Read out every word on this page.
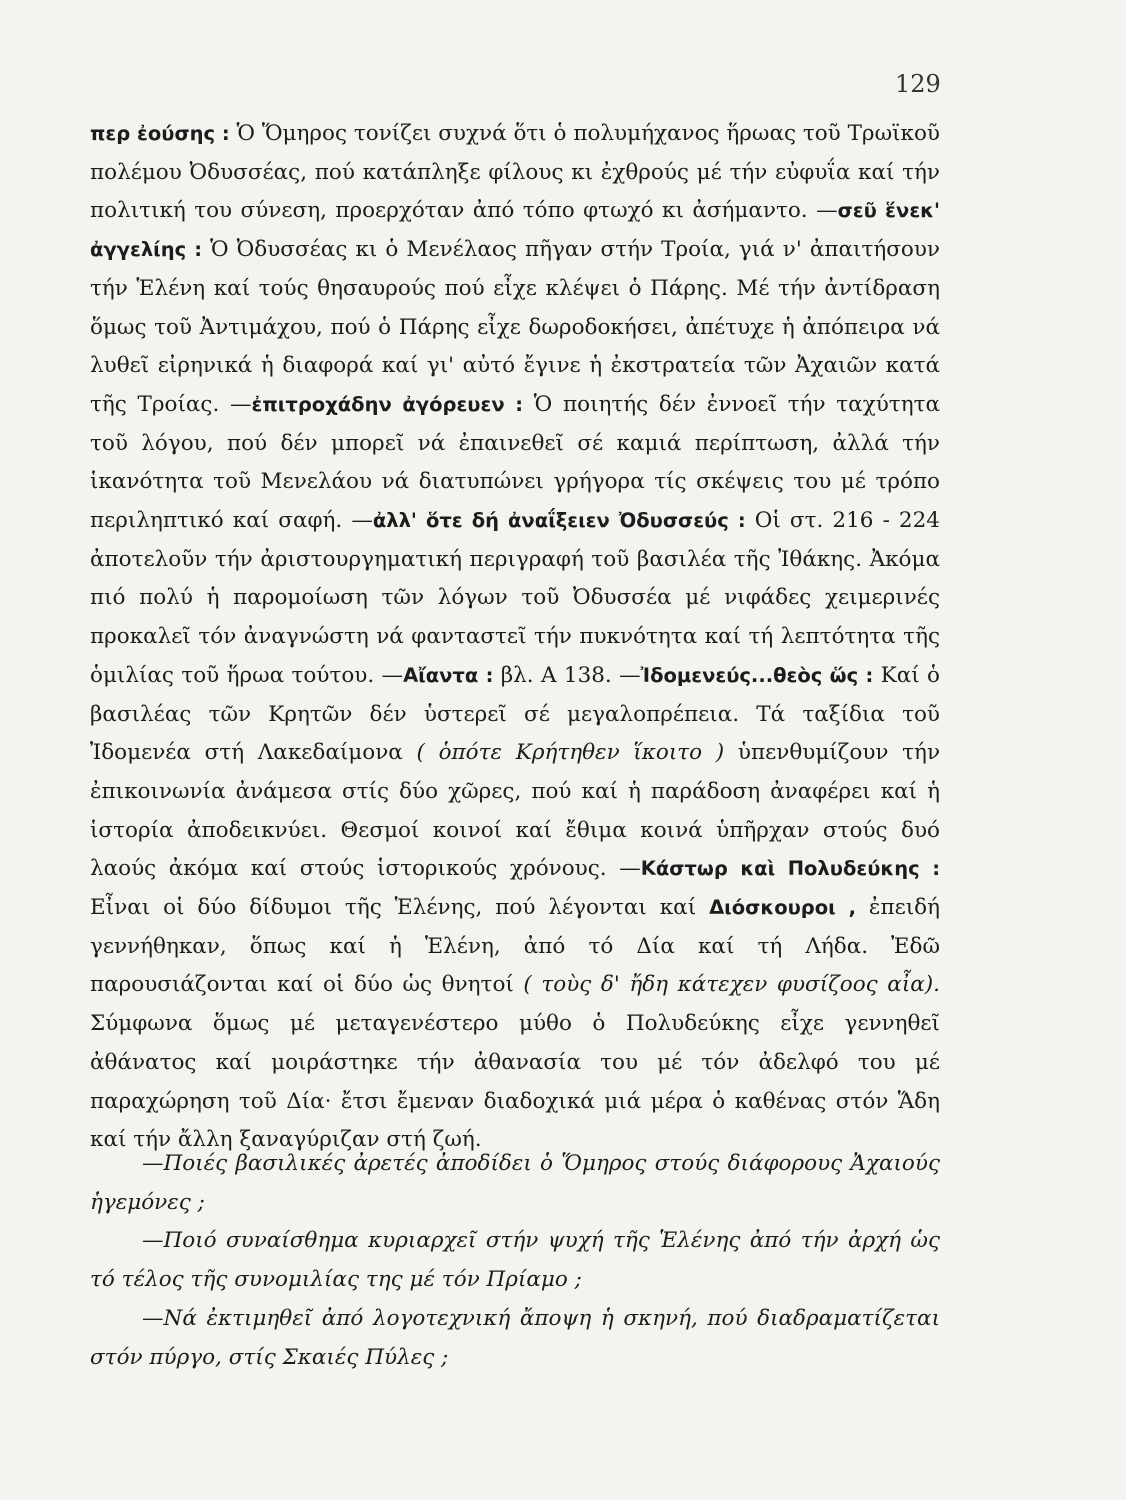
129

περ ἐούσης : Ὁ Ὅμηρος τονίζει συχνά ὅτι ὁ πολυμήχανος ἥρωας τοῦ Τρωϊκοῦ πολέμου Ὀδυσσέας, πού κατάπληξε φίλους κι ἐχθρούς μέ τήν εὐφυΐα καί τήν πολιτική του σύνεση, προερχόταν ἀπό τόπο φτωχό κι ἀσήμαντο. —σεῦ ἕνεκ' ἀγγελίης : Ὁ Ὀδυσσέας κι ὁ Μενέλαος πῆγαν στήν Τροία, γιά ν' ἀπαιτήσουν τήν Ἑλένη καί τούς θησαυρούς πού εἶχε κλέψει ὁ Πάρης. Μέ τήν ἀντίδραση ὅμως τοῦ Ἀντιμάχου, πού ὁ Πάρης εἶχε δωροδοκήσει, ἀπέτυχε ἡ ἀπόπειρα νά λυθεῖ εἰρηνικά ἡ διαφορά καί γι' αὐτό ἔγινε ἡ ἐκστρατεία τῶν Ἀχαιῶν κατά τῆς Τροίας. —ἐπιτροχάδην ἀγόρευεν : Ὁ ποιητής δέν ἐννοεῖ τήν ταχύτητα τοῦ λόγου, πού δέν μπορεῖ νά ἐπαινεθεῖ σέ καμιά περίπτωση, ἀλλά τήν ἱκανότητα τοῦ Μενελάου νά διατυπώνει γρήγορα τίς σκέψεις του μέ τρόπο περιληπτικό καί σαφή. —ἀλλ' ὅτε δή ἀναΐξειεν Ὀδυσσεύς : Οἱ στ. 216 - 224 ἀποτελοῦν τήν ἀριστουργηματική περιγραφή τοῦ βασιλέα τῆς Ἰθάκης. Ἀκόμα πιό πολύ ἡ παρομοίωση τῶν λόγων τοῦ Ὀδυσσέα μέ νιφάδες χειμερινές προκαλεῖ τόν ἀναγνώστη νά φανταστεῖ τήν πυκνότητα καί τή λεπτότητα τῆς ὁμιλίας τοῦ ἥρωα τούτου. —Αἴαντα : βλ. Α 138. —Ἰδομενεύς...θεὸς ὥς : Καί ὁ βασιλέας τῶν Κρητῶν δέν ὑστερεῖ σέ μεγαλοπρέπεια. Τά ταξίδια τοῦ Ἰδομενέα στή Λακεδαίμονα ( ὁπότε Κρήτηθεν ἵκοιτο ) ὑπενθυμίζουν τήν ἐπικοινωνία ἀνάμεσα στίς δύο χῶρες, πού καί ἡ παράδοση ἀναφέρει καί ἡ ἱστορία ἀποδεικνύει. Θεσμοί κοινοί καί ἔθιμα κοινά ὑπῆρχαν στούς δυό λαούς ἀκόμα καί στούς ἱστορικούς χρόνους. —Κάστωρ καὶ Πολυδεύκης : Εἶναι οἱ δύο δίδυμοι τῆς Ἑλένης, πού λέγονται καί Διόσκουροι , ἐπειδή γεννήθηκαν, ὅπως καί ἡ Ἑλένη, ἀπό τό Δία καί τή Λήδα. Ἐδῶ παρουσιάζονται καί οἱ δύο ὡς θνητοί ( τοὺς δ' ἤδη κάτεχεν φυσίζοος αἶα). Σύμφωνα ὅμως μέ μεταγενέστερο μύθο ὁ Πολυδεύκης εἶχε γεννηθεῖ ἀθάνατος καί μοιράστηκε τήν ἀθανασία του μέ τόν ἀδελφό του μέ παραχώρηση τοῦ Δία· ἔτσι ἔμεναν διαδοχικά μιά μέρα ὁ καθένας στόν Ἅδη καί τήν ἄλλη ξαναγύριζαν στή ζωή.

—Ποιές βασιλικές ἀρετές ἀποδίδει ὁ Ὅμηρος στούς διάφορους Ἀχαιούς ἡγεμόνες ;

—Ποιό συναίσθημα κυριαρχεῖ στήν ψυχή τῆς Ἑλένης ἀπό τήν ἀρχή ὡς τό τέλος τῆς συνομιλίας της μέ τόν Πρίαμο ;

—Νά ἐκτιμηθεῖ ἀπό λογοτεχνική ἄποψη ἡ σκηνή, πού διαδραματίζεται στόν πύργο, στίς Σκαιές Πύλες ;
